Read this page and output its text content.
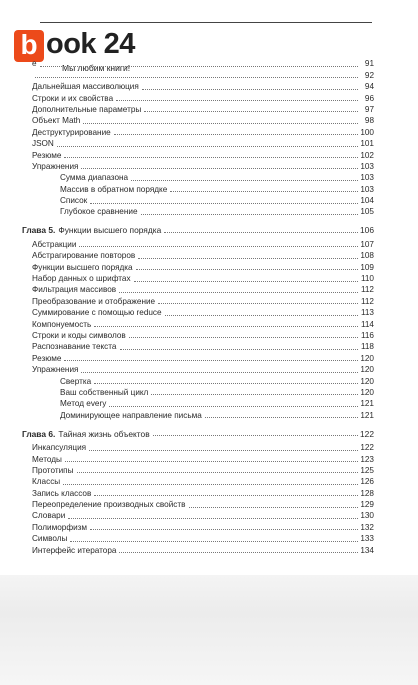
b ook 24
Мы любим книги!
е	91
92
Дальнейшая массиволюция	94
Строки и их свойства	96
Дополнительные параметры	97
Объект Math	98
Деструктурирование	100
JSON	101
Резюме	102
Упражнения	103
Сумма диапазона	103
Массив в обратном порядке	103
Список	104
Глубокое сравнение	105
Глава 5. Функции высшего порядка	106
Абстракции	107
Абстрагирование повторов	108
Функции высшего порядка	109
Набор данных о шрифтах	110
Фильтрация массивов	112
Преобразование и отображение	112
Суммирование с помощью reduce	113
Компонуемость	114
Строки и коды символов	116
Распознавание текста	118
Резюме	120
Упражнения	120
Свертка	120
Ваш собственный цикл	120
Метод every	121
Доминирующее направление письма	121
Глава 6. Тайная жизнь объектов	122
Инкапсуляция	122
Методы	123
Прототипы	125
Классы	126
Запись классов	128
Переопределение производных свойств	129
Словари	130
Полиморфизм	132
Символы	133
Интерфейс итератора	134
